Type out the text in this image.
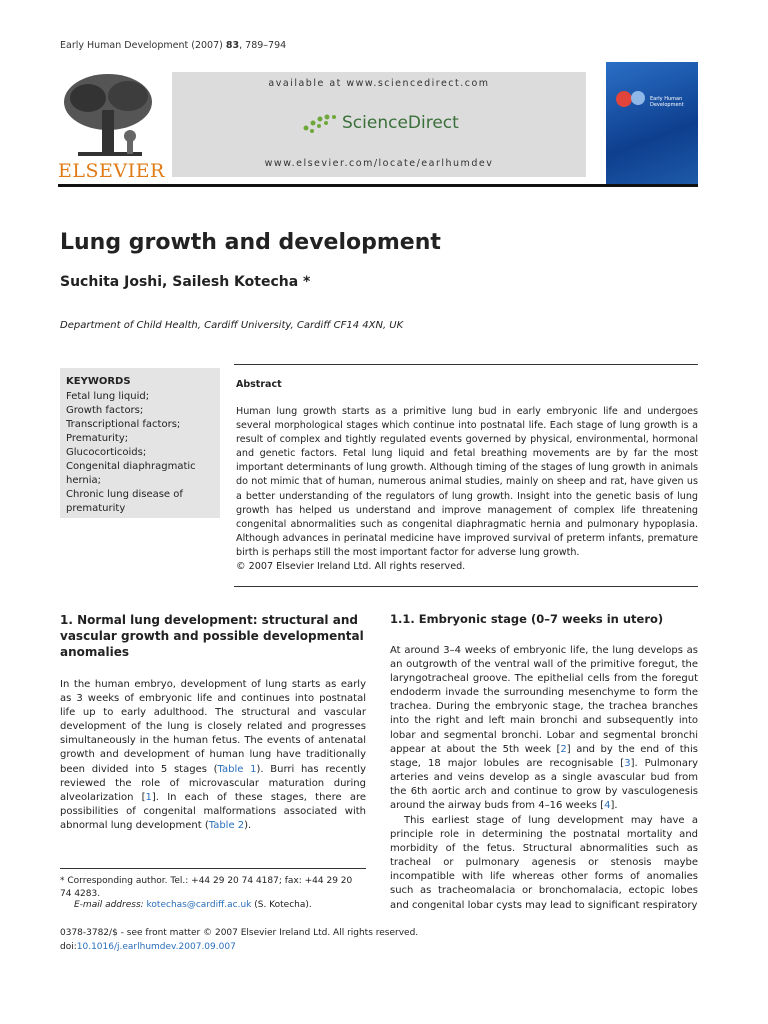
Early Human Development (2007) 83, 789–794
ELSEVIER
available at www.sciencedirect.com
ScienceDirect
www.elsevier.com/locate/earlhumdev
Early Human
Development
Lung growth and development
Suchita Joshi, Sailesh Kotecha *
Department of Child Health, Cardiff University, Cardiff CF14 4XN, UK
KEYWORDS
Fetal lung liquid;
Growth factors;
Transcriptional factors;
Prematurity;
Glucocorticoids;
Congenital diaphragmatic
hernia;
Chronic lung disease of
prematurity
Abstract
Human lung growth starts as a primitive lung bud in early embryonic life and undergoes several morphological stages which continue into postnatal life. Each stage of lung growth is a result of complex and tightly regulated events governed by physical, environmental, hormonal and genetic factors. Fetal lung liquid and fetal breathing movements are by far the most important determinants of lung growth. Although timing of the stages of lung growth in animals do not mimic that of human, numerous animal studies, mainly on sheep and rat, have given us a better understanding of the regulators of lung growth. Insight into the genetic basis of lung growth has helped us understand and improve management of complex life threatening congenital abnormalities such as congenital diaphragmatic hernia and pulmonary hypoplasia. Although advances in perinatal medicine have improved survival of preterm infants, premature birth is perhaps still the most important factor for adverse lung growth.
© 2007 Elsevier Ireland Ltd. All rights reserved.
1. Normal lung development: structural and vascular growth and possible developmental anomalies
In the human embryo, development of lung starts as early as 3 weeks of embryonic life and continues into postnatal life up to early adulthood. The structural and vascular development of the lung is closely related and progresses simultaneously in the human fetus. The events of antenatal growth and development of human lung have traditionally been divided into 5 stages (Table 1). Burri has recently reviewed the role of microvascular maturation during alveolarization [1]. In each of these stages, there are possibilities of congenital malformations associated with abnormal lung development (Table 2).
1.1. Embryonic stage (0–7 weeks in utero)
At around 3–4 weeks of embryonic life, the lung develops as an outgrowth of the ventral wall of the primitive foregut, the laryngotracheal groove. The epithelial cells from the foregut endoderm invade the surrounding mesenchyme to form the trachea. During the embryonic stage, the trachea branches into the right and left main bronchi and subsequently into lobar and segmental bronchi. Lobar and segmental bronchi appear at about the 5th week [2] and by the end of this stage, 18 major lobules are recognisable [3]. Pulmonary arteries and veins develop as a single avascular bud from the 6th aortic arch and continue to grow by vasculogenesis around the airway buds from 4–16 weeks [4].
This earliest stage of lung development may have a principle role in determining the postnatal mortality and morbidity of the fetus. Structural abnormalities such as tracheal or pulmonary agenesis or stenosis maybe incompatible with life whereas other forms of anomalies such as tracheomalacia or bronchomalacia, ectopic lobes and congenital lobar cysts may lead to significant respiratory
* Corresponding author. Tel.: +44 29 20 74 4187; fax: +44 29 20 74 4283.
E-mail address: kotechas@cardiff.ac.uk (S. Kotecha).
0378-3782/$ - see front matter © 2007 Elsevier Ireland Ltd. All rights reserved.
doi:10.1016/j.earlhumdev.2007.09.007
